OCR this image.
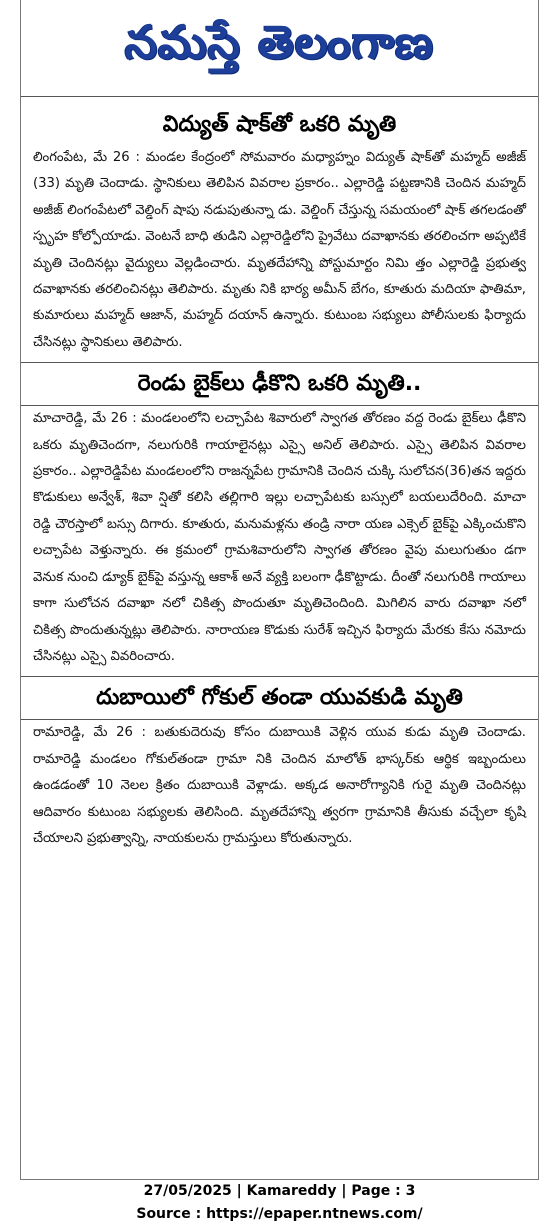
నమస్తే తెలంగాణ
విద్యుత్ షాక్‌తో ఒకరి మృతి
లింగంపేట, మే 26 : మండల కేంద్రంలో సోమవారం మధ్యాహ్నం విద్యుత్ షాక్‌తో మహ్మద్ అజీజ్ (33) మృతి చెందాడు. స్థానికులు తెలిపిన వివరాల ప్రకారం.. ఎల్లారెడ్డి పట్టణానికి చెందిన మహ్మద్ అజీజ్ లింగంపేటలో వెల్డింగ్ షాపు నడుపుతున్నా డు. వెల్డింగ్ చేస్తున్న సమయంలో షాక్ తగలడంతో స్పృహ కోల్పోయాడు. వెంటనే బాధి తుడిని ఎల్లారెడ్డిలోని ప్రైవేటు దవాఖానకు తరలించగా అప్పటికే మృతి చెందినట్లు వైద్యులు వెల్లడించారు. మృతదేహాన్ని పోస్టుమార్టం నిమి త్తం ఎల్లారెడ్డి ప్రభుత్వ దవాఖానకు తరలించినట్లు తెలిపారు. మృతు నికి భార్య అమీన్ బేగం, కూతురు మదియా ఫాతిమా, కుమారులు మహ్మద్ ఆజాన్, మహ్మద్ దయాన్ ఉన్నారు. కుటుంబ సభ్యులు పోలీసులకు ఫిర్యాదు చేసినట్లు స్థానికులు తెలిపారు.
రెండు బైక్‌లు ఢీకొని ఒకరి మృతి..
మాచారెడ్డి, మే 26 : మండలంలోని లచ్చాపేట శివారులో స్వాగత తోరణం వద్ద రెండు బైక్‌లు ఢీకొని ఒకరు మృతిచెందగా, నలుగురికి గాయాలైనట్లు ఎస్సై అనిల్ తెలిపారు. ఎస్సై తెలిపిన వివరాల ప్రకారం.. ఎల్లారెడ్డిపేట మండలంలోని రాజన్నపేట గ్రామానికి చెందిన చుక్కి సులోచన(36)తన ఇద్దరు కొడుకులు అన్వేశ్, శివా న్షితో కలిసి తల్లిగారి ఇల్లు లచ్చాపేటకు బస్సులో బయలుదేరింది. మాచా రెడ్డి చౌరస్తాలో బస్సు దిగారు. కూతురు, మనుమళ్లను తండ్రి నారా యణ ఎక్సెల్ బైక్‌పై ఎక్కించుకొని లచ్చాపేట వెళ్తున్నారు. ఈ క్రమంలో గ్రామశివారులోని స్వాగత తోరణం వైపు మలుగుతుం డగా వెనుక నుంచి డ్యూక్ బైక్‌పై వస్తున్న ఆకాశ్ అనే వ్యక్తి బలంగా ఢీకొట్టాడు. దీంతో నలుగురికి గాయాలు కాగా సులోచన దవాఖా నలో చికిత్స పొందుతూ మృతిచెందింది. మిగిలిన వారు దవాఖా నలో చికిత్స పొందుతున్నట్లు తెలిపారు. నారాయణ కొడుకు సురేశ్ ఇచ్చిన ఫిర్యాదు మేరకు కేసు నమోదు చేసినట్లు ఎస్సై వివరించారు.
దుబాయిలో గోకుల్ తండా యువకుడి మృతి
రామారెడ్డి, మే 26 : బతుకుదెరువు కోసం దుబాయికి వెళ్లిన యువ కుడు మృతి చెందాడు. రామారెడ్డి మండలం గోకుల్‌తండా గ్రామా నికి చెందిన మాలోత్ భాస్కర్‌కు ఆర్థిక ఇబ్బందులు ఉండడంతో 10 నెలల క్రితం దుబాయికి వెళ్లాడు. అక్కడ అనారోగ్యానికి గురై మృతి చెందినట్లు ఆదివారం కుటుంబ సభ్యులకు తెలిసింది. మృతదేహాన్ని త్వరగా గ్రామానికి తీసుకు వచ్చేలా కృషి చేయాలని ప్రభుత్వాన్ని, నాయకులను గ్రామస్తులు కోరుతున్నారు.
27/05/2025 | Kamareddy | Page : 3
Source : https://epaper.ntnews.com/
